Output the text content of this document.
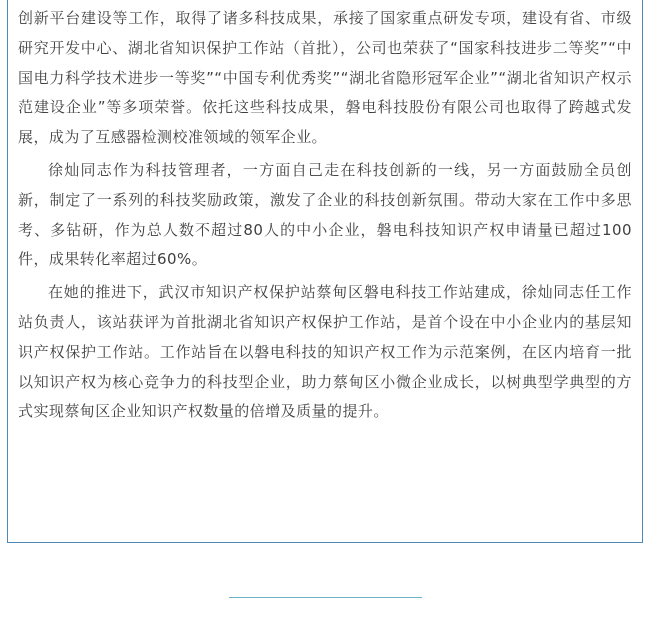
创新平台建设等工作，取得了诸多科技成果，承接了国家重点研发专项，建设有省、市级研究开发中心、湖北省知识保护工作站（首批），公司也荣获了“国家科技进步二等奖”“中国电力科学技术进步一等奖”“中国专利优秀奖”“湖北省隐形冠军企业”“湖北省知识产权示范建设企业”等多项荣誉。依托这些科技成果，磐电科技股份有限公司也取得了跨越式发展，成为了互感器检测校准领域的领军企业。

徐灿同志作为科技管理者，一方面自己走在科技创新的一线，另一方面鼓励全员创新，制定了一系列的科技奖励政策，激发了企业的科技创新氛围。带动大家在工作中多思考、多钻研，作为总人数不超过80人的中小企业，磐电科技知识产权申请量已超过100件，成果转化率超过60%。

在她的推进下，武汉市知识产权保护站蔡甸区磐电科技工作站建成，徐灿同志任工作站负责人，该站获评为首批湖北省知识产权保护工作站，是首个设在中小企业内的基层知识产权保护工作站。工作站旨在以磐电科技的知识产权工作为示范案例，在区内培育一批以知识产权为核心竞争力的科技型企业，助力蔡甸区小微企业成长，以树典型学典型的方式实现蔡甸区企业知识产权数量的倍增及质量的提升。
